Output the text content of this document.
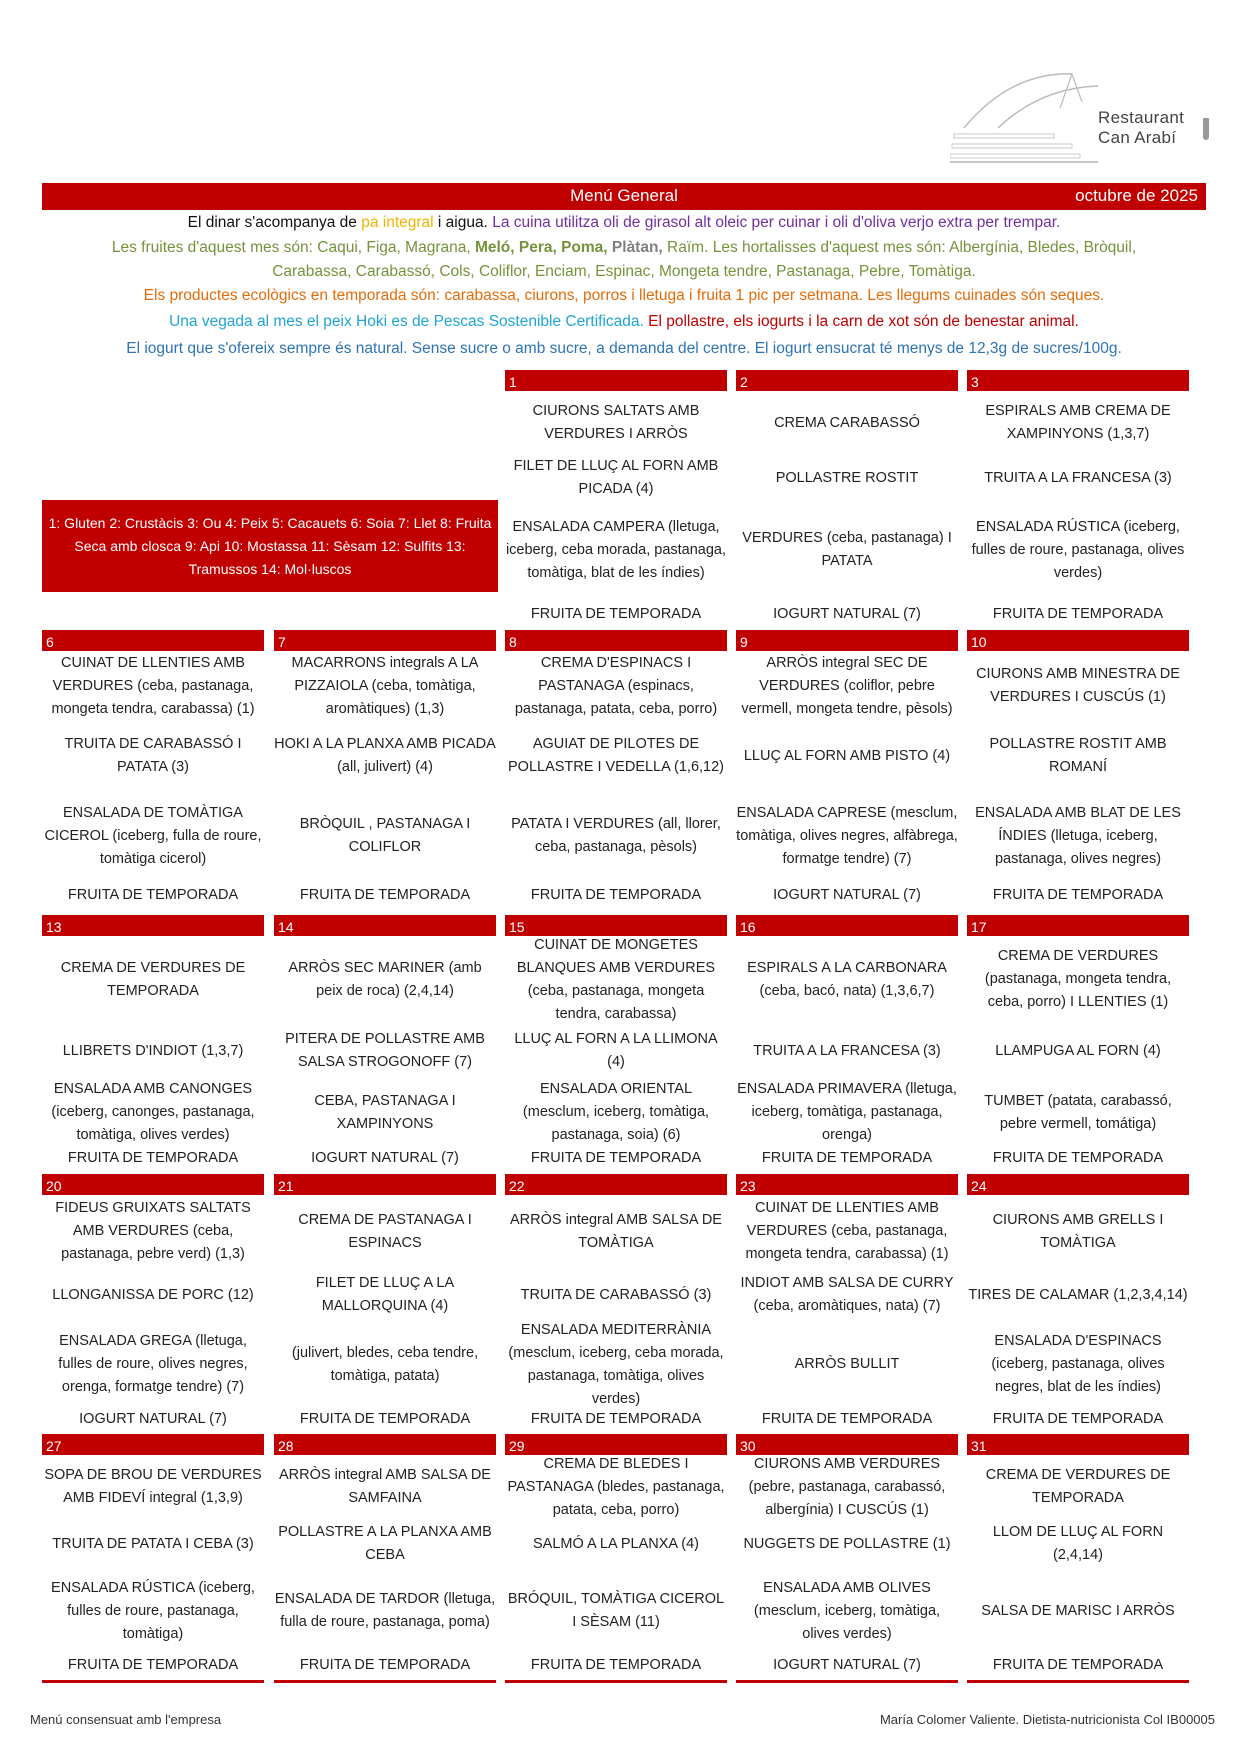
Restaurant
Can Arabí
Menú General	octubre de 2025
El dinar s'acompanya de pa integral i aigua. La cuina utilitza oli de girasol alt oleic per cuinar i oli d'oliva verjo extra per trempar.
Les fruites d'aquest mes són: Caqui, Figa, Magrana, Meló, Pera, Poma, Plàtan, Raïm. Les hortalisses d'aquest mes són: Albergínia, Bledes, Bròquil,
Carabassa, Carabassó, Cols, Coliflor, Enciam, Espinac, Mongeta tendre, Pastanaga, Pebre, Tomàtiga.
Els productes ecològics en temporada són: carabassa, ciurons, porros i lletuga i fruita 1 pic per setmana. Les llegums cuinades són seques.
Una vegada al mes el peix Hoki es de Pescas Sostenible Certificada. El pollastre, els iogurts i la carn de xot són de benestar animal.
El iogurt que s'ofereix sempre és natural. Sense sucre o amb sucre, a demanda del centre. El iogurt ensucrat té menys de 12,3g de sucres/100g.
1: Gluten 2: Crustàcis 3: Ou 4: Peix 5: Cacauets 6: Soia 7: Llet 8: Fruita Seca amb closca 9: Api 10: Mostassa 11: Sèsam 12: Sulfits 13: Tramussos 14: Mol·luscos
1
CIURONS SALTATS AMB VERDURES I ARRÒS
FILET DE LLUÇ AL FORN AMB PICADA (4)
ENSALADA CAMPERA (lletuga, iceberg, ceba morada, pastanaga, tomàtiga, blat de les índies)
FRUITA DE TEMPORADA
2
CREMA CARABASSÓ
POLLASTRE ROSTIT
VERDURES (ceba, pastanaga) I PATATA
IOGURT NATURAL (7)
3
ESPIRALS AMB CREMA DE XAMPINYONS (1,3,7)
TRUITA A LA FRANCESA (3)
ENSALADA RÚSTICA (iceberg, fulles de roure, pastanaga, olives verdes)
FRUITA DE TEMPORADA
6
CUINAT DE LLENTIES AMB VERDURES (ceba, pastanaga, mongeta tendra, carabassa) (1)
TRUITA DE CARABASSÓ I PATATA (3)
ENSALADA DE TOMÀTIGA CICEROL (iceberg, fulla de roure, tomàtiga cicerol)
FRUITA DE TEMPORADA
7
MACARRONS integrals A LA PIZZAIOLA (ceba, tomàtiga, aromàtiques) (1,3)
HOKI A LA PLANXA AMB PICADA (all, julivert) (4)
BRÒQUIL , PASTANAGA I COLIFLOR
FRUITA DE TEMPORADA
8
CREMA D'ESPINACS I PASTANAGA (espinacs, pastanaga, patata, ceba, porro)
AGUIAT DE PILOTES DE POLLASTRE I VEDELLA (1,6,12)
PATATA I VERDURES (all, llorer, ceba, pastanaga, pèsols)
FRUITA DE TEMPORADA
9
ARRÒS integral SEC DE VERDURES (coliflor, pebre vermell, mongeta tendre, pèsols)
LLUÇ AL FORN AMB PISTO (4)
ENSALADA CAPRESE (mesclum, tomàtiga, olives negres, alfàbrega, formatge tendre) (7)
IOGURT NATURAL (7)
10
CIURONS AMB MINESTRA DE VERDURES I CUSCÚS (1)
POLLASTRE ROSTIT AMB ROMANÍ
ENSALADA AMB BLAT DE LES ÍNDIES (lletuga, iceberg, pastanaga, olives negres)
FRUITA DE TEMPORADA
13
CREMA DE VERDURES DE TEMPORADA
LLIBRETS D'INDIOT (1,3,7)
ENSALADA AMB CANONGES (iceberg, canonges, pastanaga, tomàtiga, olives verdes)
FRUITA DE TEMPORADA
14
ARRÒS SEC MARINER (amb peix de roca) (2,4,14)
PITERA DE POLLASTRE AMB SALSA STROGONOFF (7)
CEBA, PASTANAGA I XAMPINYONS
IOGURT NATURAL (7)
15
CUINAT DE MONGETES BLANQUES AMB VERDURES (ceba, pastanaga, mongeta tendra, carabassa)
LLUÇ AL FORN A LA LLIMONA (4)
ENSALADA ORIENTAL (mesclum, iceberg, tomàtiga, pastanaga, soia) (6)
FRUITA DE TEMPORADA
16
ESPIRALS A LA CARBONARA (ceba, bacó, nata) (1,3,6,7)
TRUITA A LA FRANCESA (3)
ENSALADA PRIMAVERA (lletuga, iceberg, tomàtiga, pastanaga, orenga)
FRUITA DE TEMPORADA
17
CREMA DE VERDURES (pastanaga, mongeta tendra, ceba, porro) I LLENTIES (1)
LLAMPUGA AL FORN (4)
TUMBET (patata, carabassó, pebre vermell, tomátiga)
FRUITA DE TEMPORADA
20
FIDEUS GRUIXATS SALTATS AMB VERDURES (ceba, pastanaga, pebre verd) (1,3)
LLONGANISSA DE PORC (12)
ENSALADA GREGA (lletuga, fulles de roure, olives negres, orenga, formatge tendre) (7)
IOGURT NATURAL (7)
21
CREMA DE PASTANAGA I ESPINACS
FILET DE LLUÇ A LA MALLORQUINA (4)
(julivert, bledes, ceba tendre, tomàtiga, patata)
FRUITA DE TEMPORADA
22
ARRÒS integral AMB SALSA DE TOMÀTIGA
TRUITA DE CARABASSÓ (3)
ENSALADA MEDITERRÀNIA (mesclum, iceberg, ceba morada, pastanaga, tomàtiga, olives verdes)
FRUITA DE TEMPORADA
23
CUINAT DE LLENTIES AMB VERDURES (ceba, pastanaga, mongeta tendra, carabassa) (1)
INDIOT AMB SALSA DE CURRY (ceba, aromàtiques, nata) (7)
ARRÒS BULLIT
FRUITA DE TEMPORADA
24
CIURONS AMB GRELLS I TOMÀTIGA
TIRES DE CALAMAR (1,2,3,4,14)
ENSALADA D'ESPINACS (iceberg, pastanaga, olives negres, blat de les índies)
FRUITA DE TEMPORADA
27
SOPA DE BROU DE VERDURES AMB FIDEVÍ integral (1,3,9)
TRUITA DE PATATA I CEBA (3)
ENSALADA RÚSTICA (iceberg, fulles de roure, pastanaga, tomàtiga)
FRUITA DE TEMPORADA
28
ARRÒS integral AMB SALSA DE SAMFAINA
POLLASTRE A LA PLANXA AMB CEBA
ENSALADA DE TARDOR (lletuga, fulla de roure, pastanaga, poma)
FRUITA DE TEMPORADA
29
CREMA DE BLEDES I PASTANAGA (bledes, pastanaga, patata, ceba, porro)
SALMÓ A LA PLANXA (4)
BRÓQUIL, TOMÀTIGA CICEROL I SÈSAM (11)
FRUITA DE TEMPORADA
30
CIURONS AMB VERDURES (pebre, pastanaga, carabassó, albergínia) I CUSCÚS (1)
NUGGETS DE POLLASTRE (1)
ENSALADA AMB OLIVES (mesclum, iceberg, tomàtiga, olives verdes)
IOGURT NATURAL (7)
31
CREMA DE VERDURES DE TEMPORADA
LLOM DE LLUÇ AL FORN (2,4,14)
SALSA DE MARISC I ARRÒS
FRUITA DE TEMPORADA
Menú consensuat amb l'empresa	María Colomer Valiente. Dietista-nutricionista Col IB00005
